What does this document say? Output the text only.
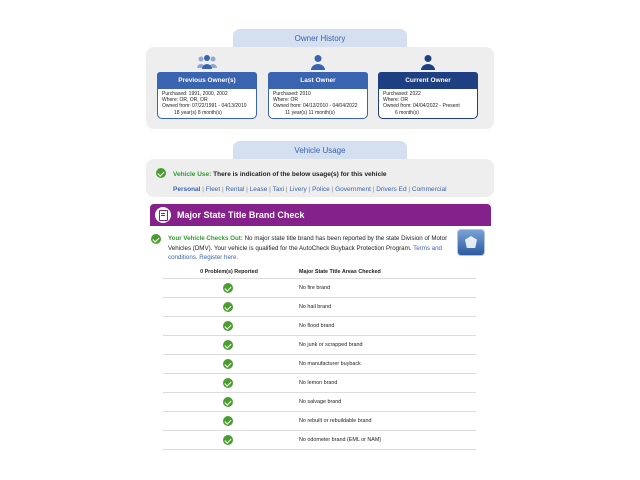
Owner History
Previous Owner(s)
Purchased: 1991, 2000, 2002
Where: OR, OR, OR
Owned from: 07/22/1991 - 04/13/2010
18 year(s) 8 month(s)
Last Owner
Purchased: 2010
Where: OR
Owned from: 04/13/2010 - 04/04/2022
11 year(s) 11 month(s)
Current Owner
Purchased: 2022
Where: OR
Owned from: 04/04/2022 - Present
6 month(s)
Vehicle Usage
Vehicle Use: There is indication of the below usage(s) for this vehicle
Personal | Fleet | Rental | Lease | Taxi | Livery | Police | Government | Drivers Ed | Commercial
Major State Title Brand Check
Your Vehicle Checks Out: No major state title brand has been reported by the state Division of Motor Vehicles (DMV). Your vehicle is qualified for the AutoCheck Buyback Protection Program. Terms and conditions. Register here.
0 Problem(s) Reported	Major State Title Areas Checked
No fire brand
No hail brand
No flood brand
No junk or scrapped brand
No manufacturer buyback
No lemon brand
No salvage brand
No rebuilt or rebuildable brand
No odometer brand (EML or NAM)
